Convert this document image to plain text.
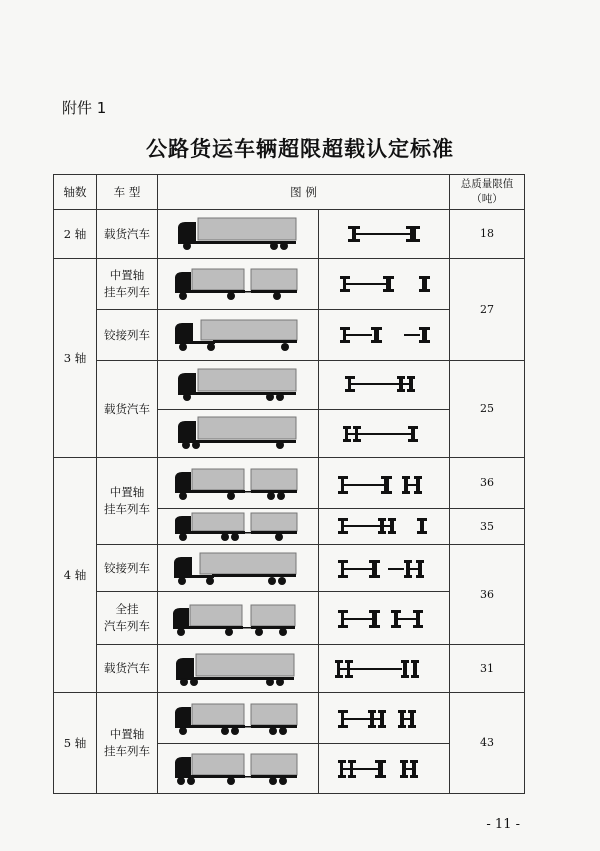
附件 1
公路货运车辆超限超载认定标准
轴数	车 型	图 例
总质量限值
（吨）
2 轴
3 轴
4 轴
5 轴
载货汽车
中置轴
挂车列车
铰接列车
载货汽车
中置轴
挂车列车
铰接列车
全挂
汽车列车
载货汽车
中置轴
挂车列车
18
27
25
36
35
36
31
43
- 11 -
